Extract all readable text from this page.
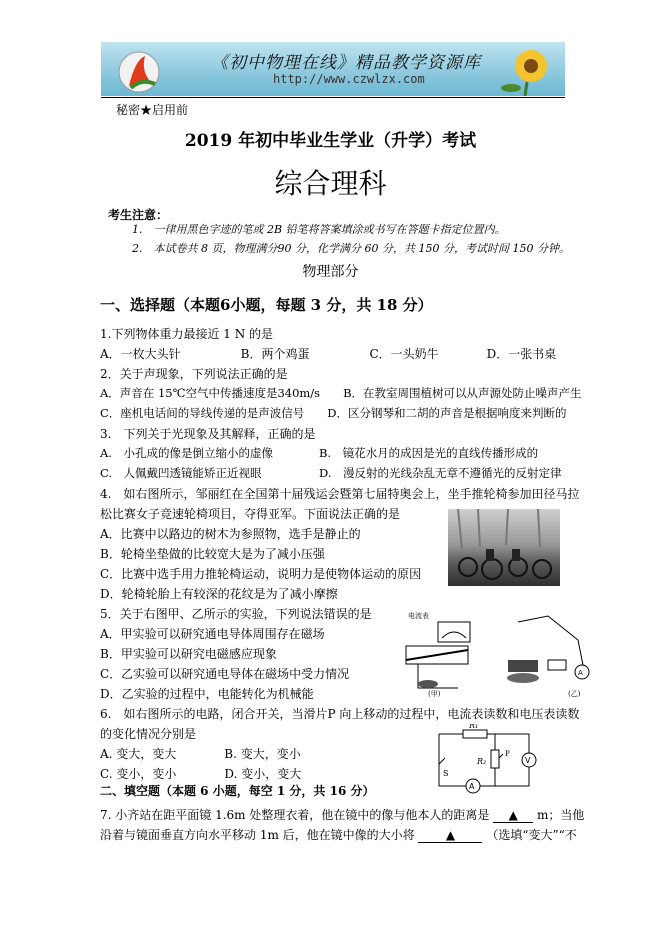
《初中物理在线》精品教学资源库
http://www.czwlzx.com
秘密★启用前
2019 年初中毕业生学业（升学）考试
综合理科
考生注意：
1.　一律用黑色字迹的笔或 2B 铅笔将答案填涂或书写在答题卡指定位置内。
2.　本试卷共 8 页，物理满分90 分，化学满分 60 分，共 150 分，考试时间 150 分钟。
物理部分
一、选择题（本题6小题，每题 3 分，共 18 分）
1.下列物体重力最接近 1 N 的是
A．一枚大头针　　　　　B．两个鸡蛋　　　　　C．一头奶牛　　　　D．一张书桌
2．关于声现象，下列说法正确的是
A．声音在 15℃空气中传播速度是340m/s　　B．在教室周围植树可以从声源处防止噪声产生
C．座机电话间的导线传递的是声波信号　　D．区分钢琴和二胡的声音是根据响度来判断的
3.　下列关于光现象及其解释，正确的是
A.　小孔成的像是倒立缩小的虚像　　　　B.　镜花水月的成因是光的直线传播形成的
C.　人佩戴凹透镜能矫正近视眼　　　　　D.　漫反射的光线杂乱无章不遵循光的反射定律
4.　如右图所示，邹丽红在全国第十届残运会暨第七届特奥会上，坐手推轮椅参加田径马拉
松比赛女子竞速轮椅项目，夺得亚军。下面说法正确的是
A．比赛中以路边的树木为参照物，选手是静止的
B．轮椅坐垫做的比较宽大是为了减小压强
C．比赛中选手用力推轮椅运动，说明力是使物体运动的原因
D．轮椅轮胎上有较深的花纹是为了减小摩擦
5．关于右图甲、乙所示的实验，下列说法错误的是
A．甲实验可以研究通电导体周围存在磁场
B．甲实验可以研究电磁感应现象
C．乙实验可以研究通电导体在磁场中受力情况
D．乙实验的过程中，电能转化为机械能
6.　如右图所示的电路，闭合开关，当滑片P 向上移动的过程中，电流表读数和电压表读数
的变化情况分别是
A. 变大，变大　　　　B. 变大，变小
C. 变小，变小　　　　D. 变小，变大
二、填空题（本题 6 小题，每空 1 分，共 16 分）
7. 小齐站在距平面镜 1.6m 处整理衣着，他在镜中的像与他本人的距离是 ▲ m；当他
沿着与镜面垂直方向水平移动 1m 后，他在镜中像的大小将	▲	（选填“变大”“不
电流表
(甲)
A
(乙)
R₁
R₂
P
V
A
S
